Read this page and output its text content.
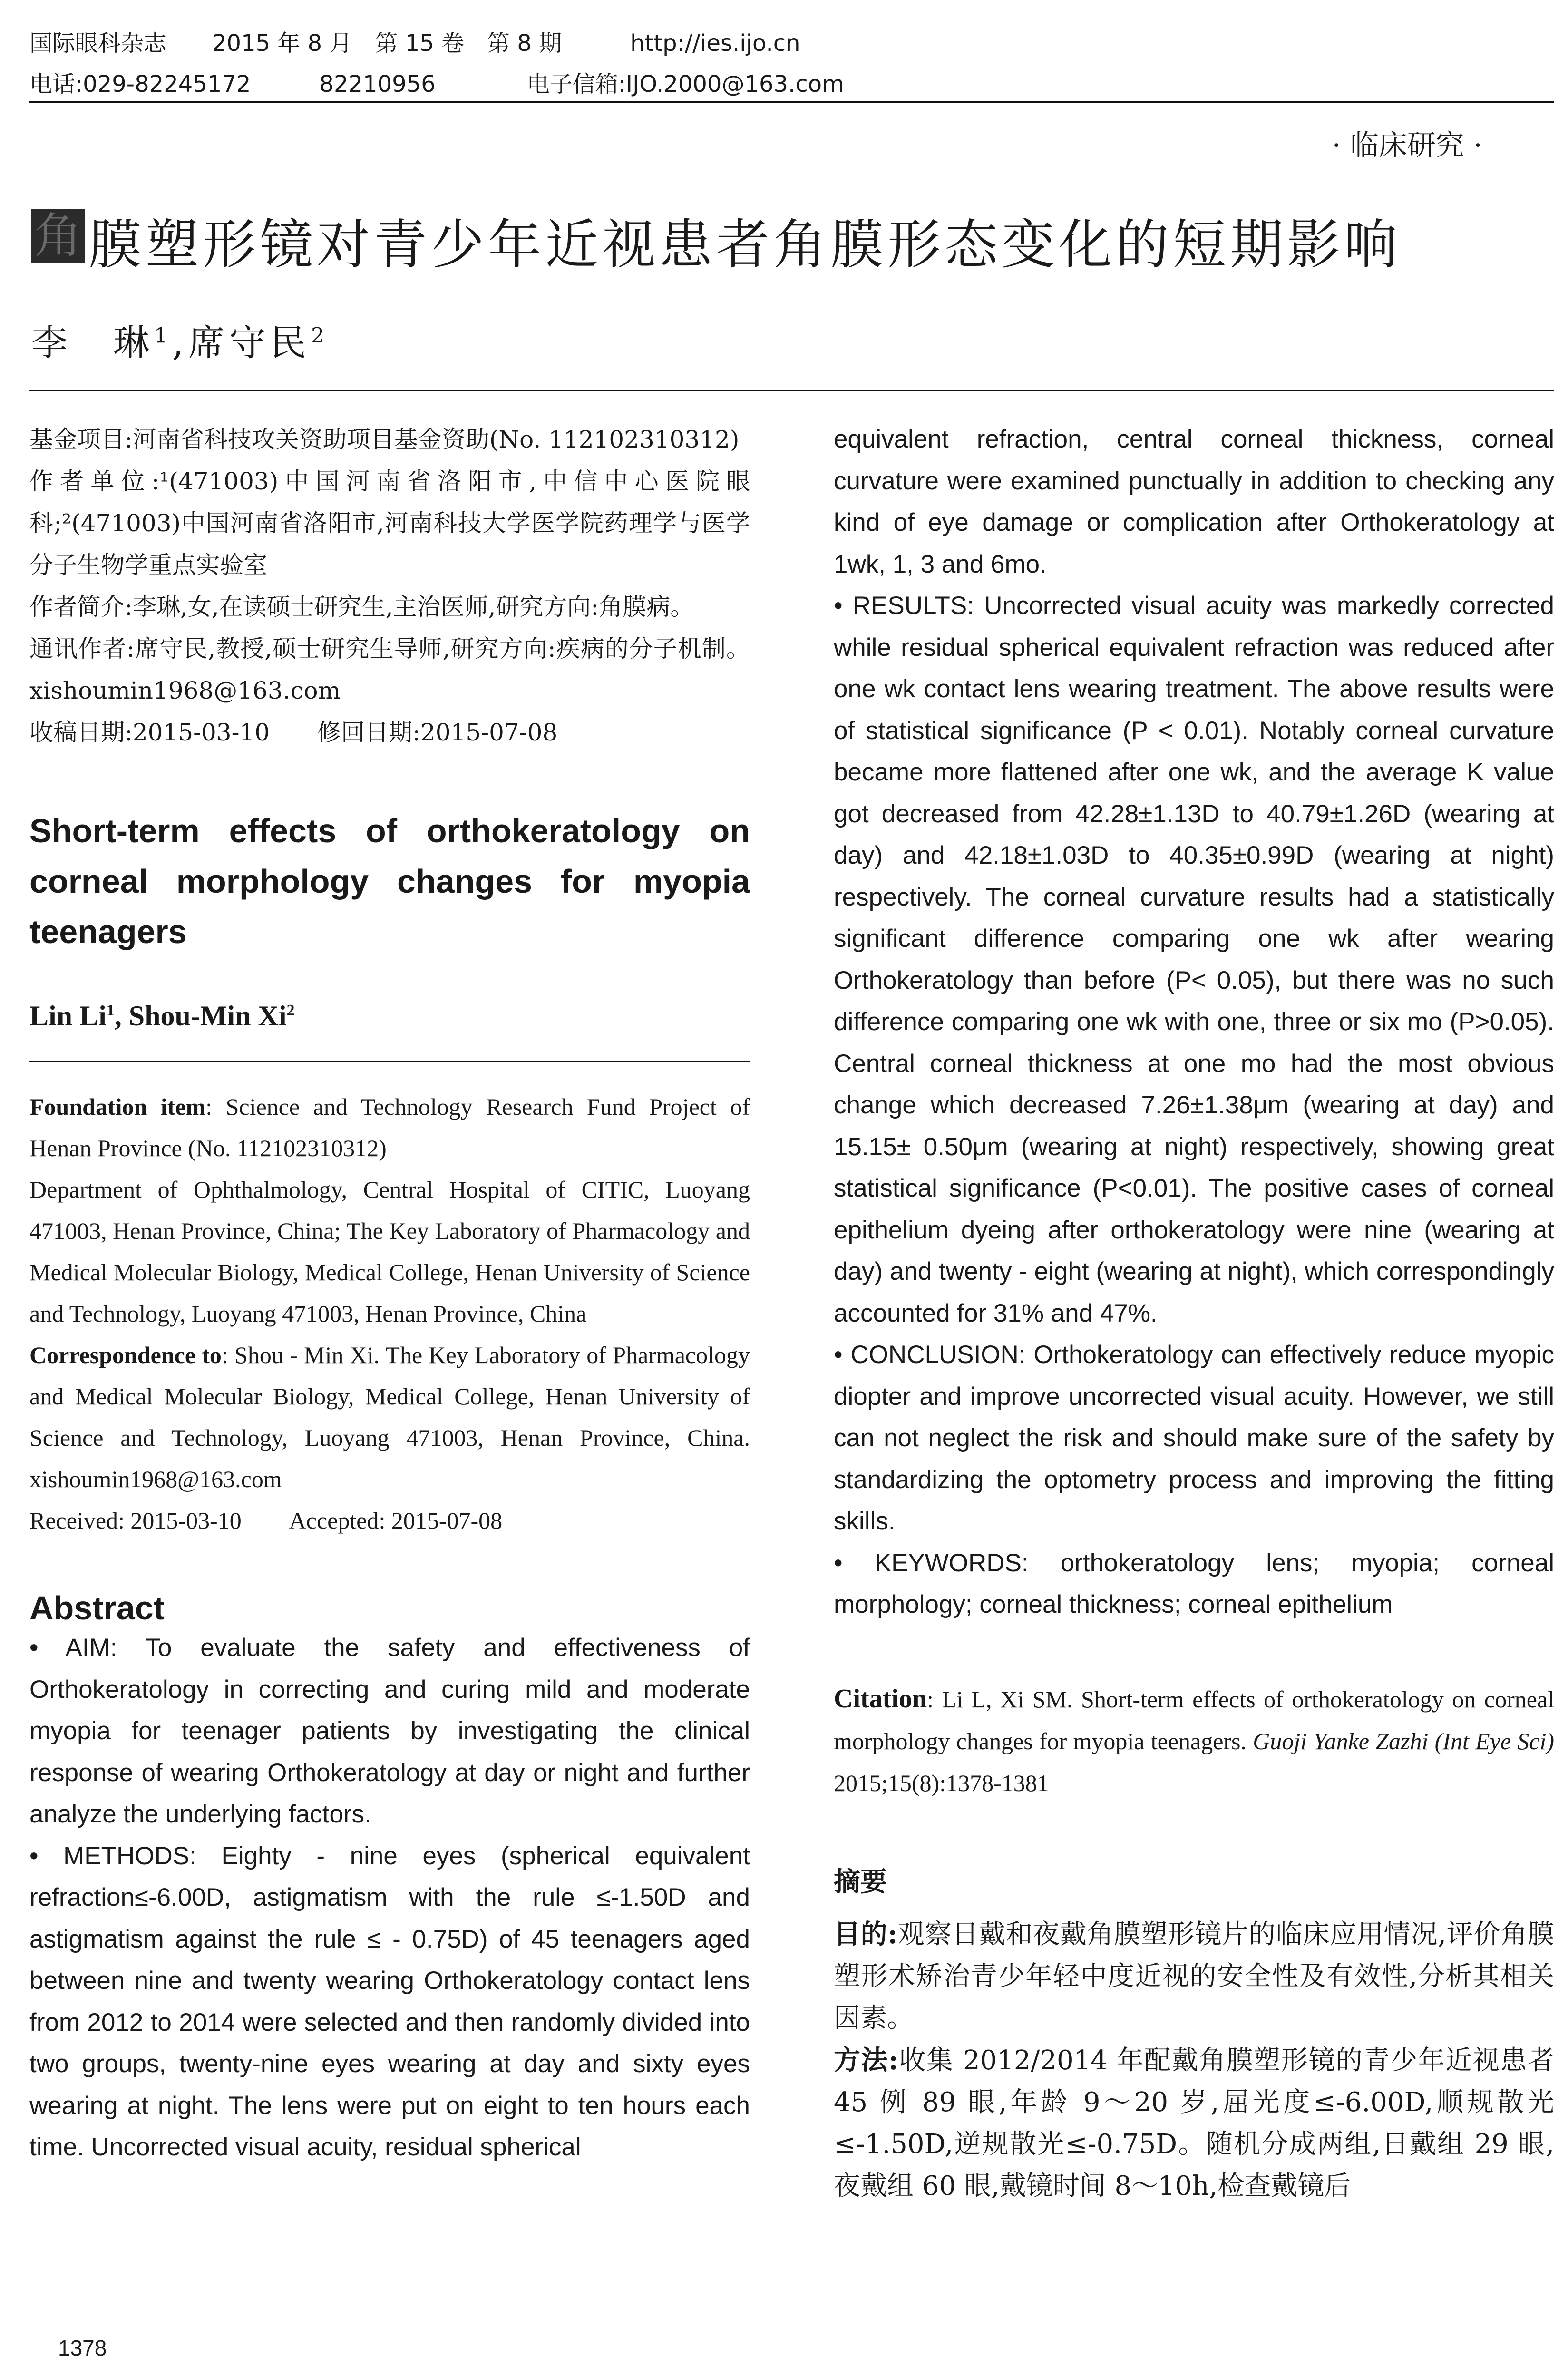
国际眼科杂志　　2015 年 8 月　第 15 卷　第 8 期　　　http://ies.ijo.cn
电话:029-82245172　　　82210956　　　　电子信箱:IJO.2000@163.com
· 临床研究 ·
角 膜塑形镜对青少年近视患者角膜形态变化的短期影响
李　琳$^1$,席守民$^2$

基金项目:河南省科技攻关资助项目基金资助(No. 112102310312)

作者单位:¹(471003)中国河南省洛阳市,中信中心医院眼科;²(471003)中国河南省洛阳市,河南科技大学医学院药理学与医学分子生物学重点实验室

作者简介:李琳,女,在读硕士研究生,主治医师,研究方向:角膜病。

通讯作者:席守民,教授,硕士研究生导师,研究方向:疾病的分子机制。xishoumin1968@163.com

收稿日期:2015-03-10　　修回日期:2015-07-08

Short-term effects of orthokeratology on corneal morphology changes for myopia teenagers

Lin Li$^1$, Shou-Min Xi$^2$

Foundation item: Science and Technology Research Fund Project of Henan Province (No. 112102310312)

Department of Ophthalmology, Central Hospital of CITIC, Luoyang 471003, Henan Province, China; The Key Laboratory of Pharmacology and Medical Molecular Biology, Medical College, Henan University of Science and Technology, Luoyang 471003, Henan Province, China

Correspondence to: Shou - Min Xi. The Key Laboratory of Pharmacology and Medical Molecular Biology, Medical College, Henan University of Science and Technology, Luoyang 471003, Henan Province, China. xishoumin1968@163.com

Received: 2015-03-10　　Accepted: 2015-07-08

Abstract

• AIM: To evaluate the safety and effectiveness of Orthokeratology in correcting and curing mild and moderate myopia for teenager patients by investigating the clinical response of wearing Orthokeratology at day or night and further analyze the underlying factors.

• METHODS: Eighty - nine eyes (spherical equivalent refraction≤-6.00D, astigmatism with the rule ≤-1.50D and astigmatism against the rule ≤ - 0.75D) of 45 teenagers aged between nine and twenty wearing Orthokeratology contact lens from 2012 to 2014 were selected and then randomly divided into two groups, twenty-nine eyes wearing at day and sixty eyes wearing at night. The lens were put on eight to ten hours each time. Uncorrected visual acuity, residual spherical

equivalent refraction, central corneal thickness, corneal curvature were examined punctually in addition to checking any kind of eye damage or complication after Orthokeratology at 1wk, 1, 3 and 6mo.

• RESULTS: Uncorrected visual acuity was markedly corrected while residual spherical equivalent refraction was reduced after one wk contact lens wearing treatment. The above results were of statistical significance (P < 0.01). Notably corneal curvature became more flattened after one wk, and the average K value got decreased from 42.28±1.13D to 40.79±1.26D (wearing at day) and 42.18±1.03D to 40.35±0.99D (wearing at night) respectively. The corneal curvature results had a statistically significant difference comparing one wk after wearing Orthokeratology than before (P< 0.05), but there was no such difference comparing one wk with one, three or six mo (P>0.05). Central corneal thickness at one mo had the most obvious change which decreased 7.26±1.38μm (wearing at day) and 15.15± 0.50μm (wearing at night) respectively, showing great statistical significance (P<0.01). The positive cases of corneal epithelium dyeing after orthokeratology were nine (wearing at day) and twenty - eight (wearing at night), which correspondingly accounted for 31% and 47%.

• CONCLUSION: Orthokeratology can effectively reduce myopic diopter and improve uncorrected visual acuity. However, we still can not neglect the risk and should make sure of the safety by standardizing the optometry process and improving the fitting skills.

• KEYWORDS: orthokeratology lens; myopia; corneal morphology; corneal thickness; corneal epithelium

Citation: Li L, Xi SM. Short-term effects of orthokeratology on corneal morphology changes for myopia teenagers. Guoji Yanke Zazhi (Int Eye Sci) 2015;15(8):1378-1381

摘要

目的:观察日戴和夜戴角膜塑形镜片的临床应用情况,评价角膜塑形术矫治青少年轻中度近视的安全性及有效性,分析其相关因素。

方法:收集 2012/2014 年配戴角膜塑形镜的青少年近视患者 45 例 89 眼,年龄 9～20 岁,屈光度≤-6.00D,顺规散光≤-1.50D,逆规散光≤-0.75D。随机分成两组,日戴组 29 眼,夜戴组 60 眼,戴镜时间 8～10h,检查戴镜后

1378
